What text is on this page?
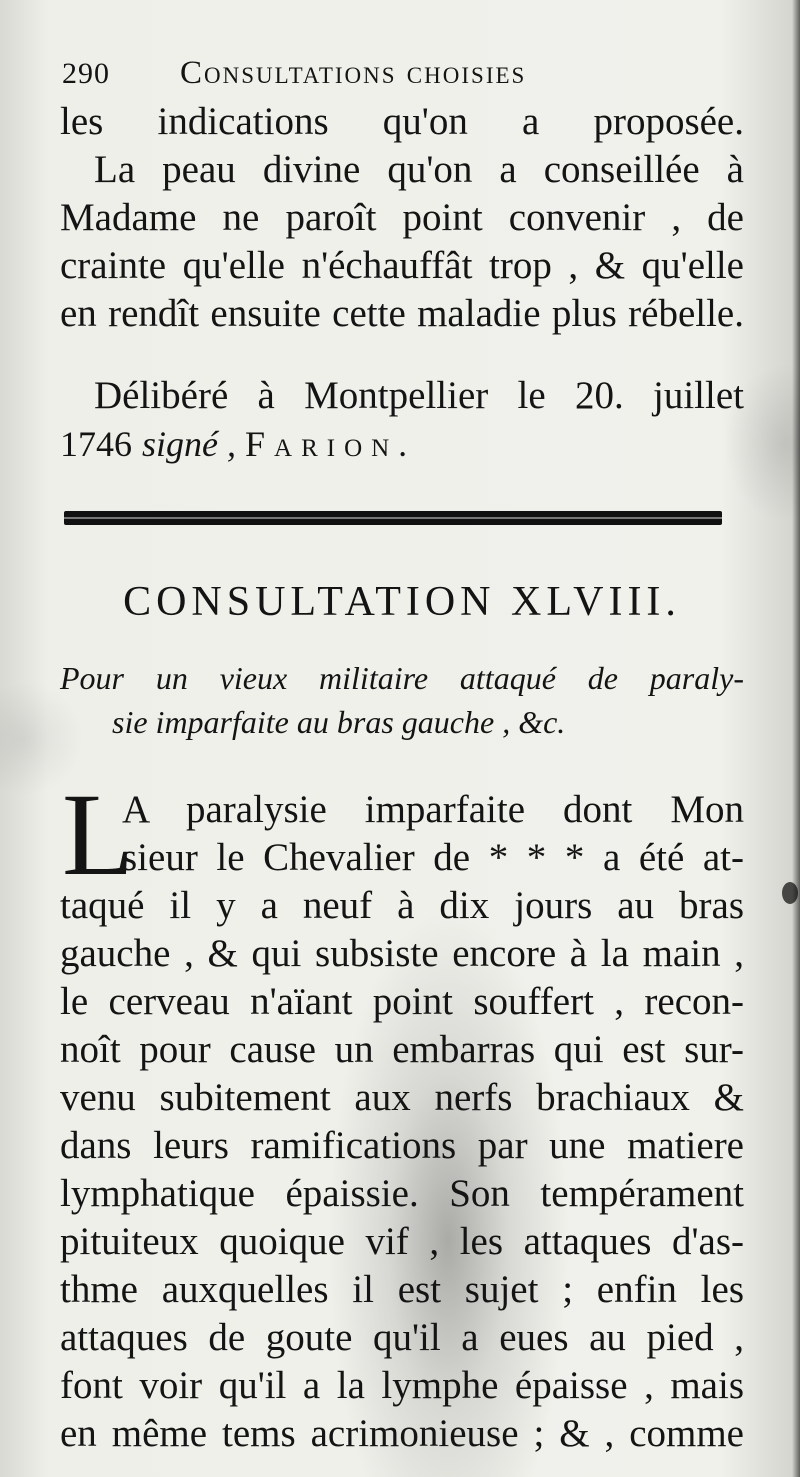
290 Consultations choisies
les indications qu'on a proposée.
La peau divine qu'on a conseillée à
Madame ne paroît point convenir , de
crainte qu'elle n'échauffât trop , & qu'elle
en rendît ensuite cette maladie plus rébelle.
Délibéré à Montpellier le 20. juillet
1746 signé , Farion.
CONSULTATION XLVIII.
Pour un vieux militaire attaqué de paraly-
sie imparfaite au bras gauche , &c.
L
A paralysie imparfaite dont Mon
sieur le Chevalier de * * * a été at-
taqué il y a neuf à dix jours au bras
gauche , & qui subsiste encore à la main ,
le cerveau n'aïant point souffert , recon-
noît pour cause un embarras qui est sur-
venu subitement aux nerfs brachiaux &
dans leurs ramifications par une matiere
lymphatique épaissie. Son tempérament
pituiteux quoique vif , les attaques d'as-
thme auxquelles il est sujet ; enfin les
attaques de goute qu'il a eues au pied ,
font voir qu'il a la lymphe épaisse , mais
en même tems acrimonieuse ; & , comme
